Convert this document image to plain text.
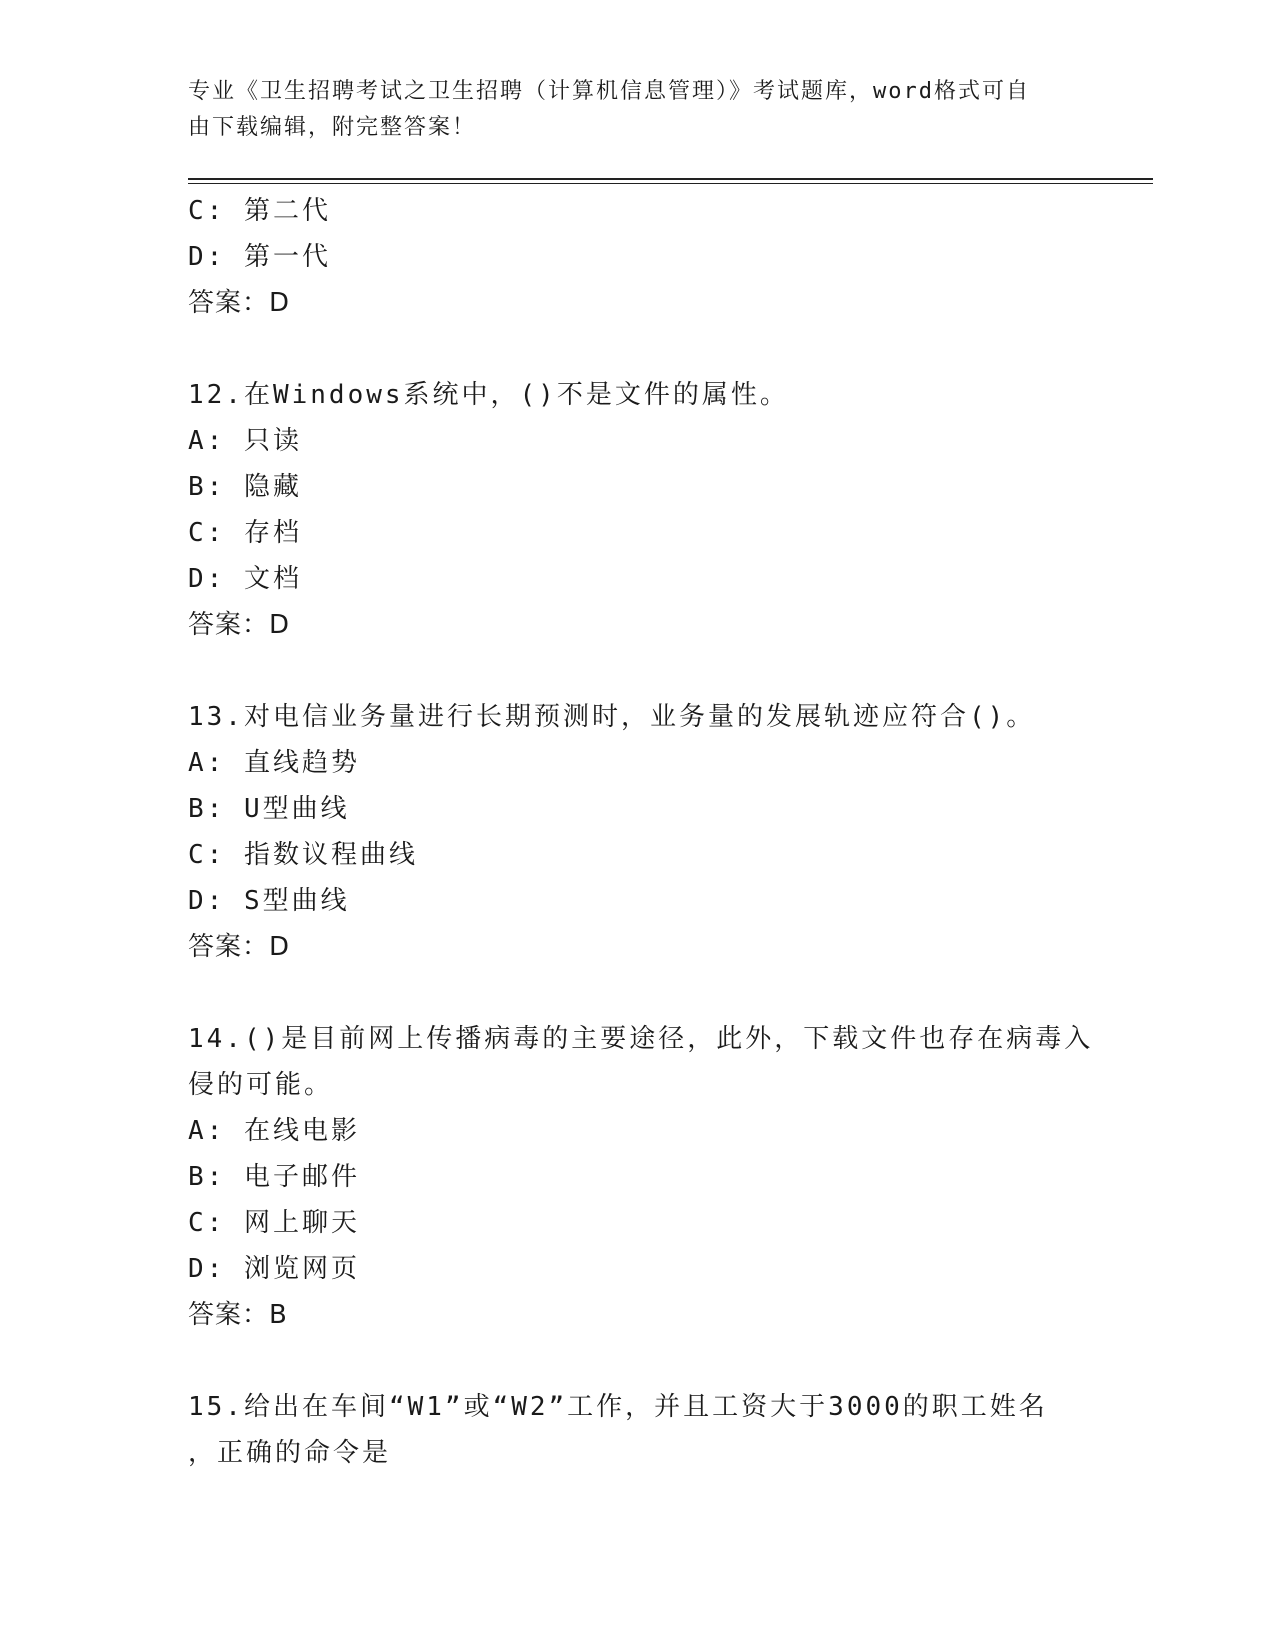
专业《卫生招聘考试之卫生招聘（计算机信息管理）》考试题库，word格式可自
由下载编辑，附完整答案！
C: 第二代
D: 第一代
答案：D
12.在Windows系统中，()不是文件的属性。
A: 只读
B: 隐藏
C: 存档
D: 文档
答案：D
13.对电信业务量进行长期预测时，业务量的发展轨迹应符合()。
A: 直线趋势
B: U型曲线
C: 指数议程曲线
D: S型曲线
答案：D
14.()是目前网上传播病毒的主要途径，此外，下载文件也存在病毒入
侵的可能。
A: 在线电影
B: 电子邮件
C: 网上聊天
D: 浏览网页
答案：B
15.给出在车间“W1”或“W2”工作，并且工资大于3000的职工姓名
，正确的命令是
